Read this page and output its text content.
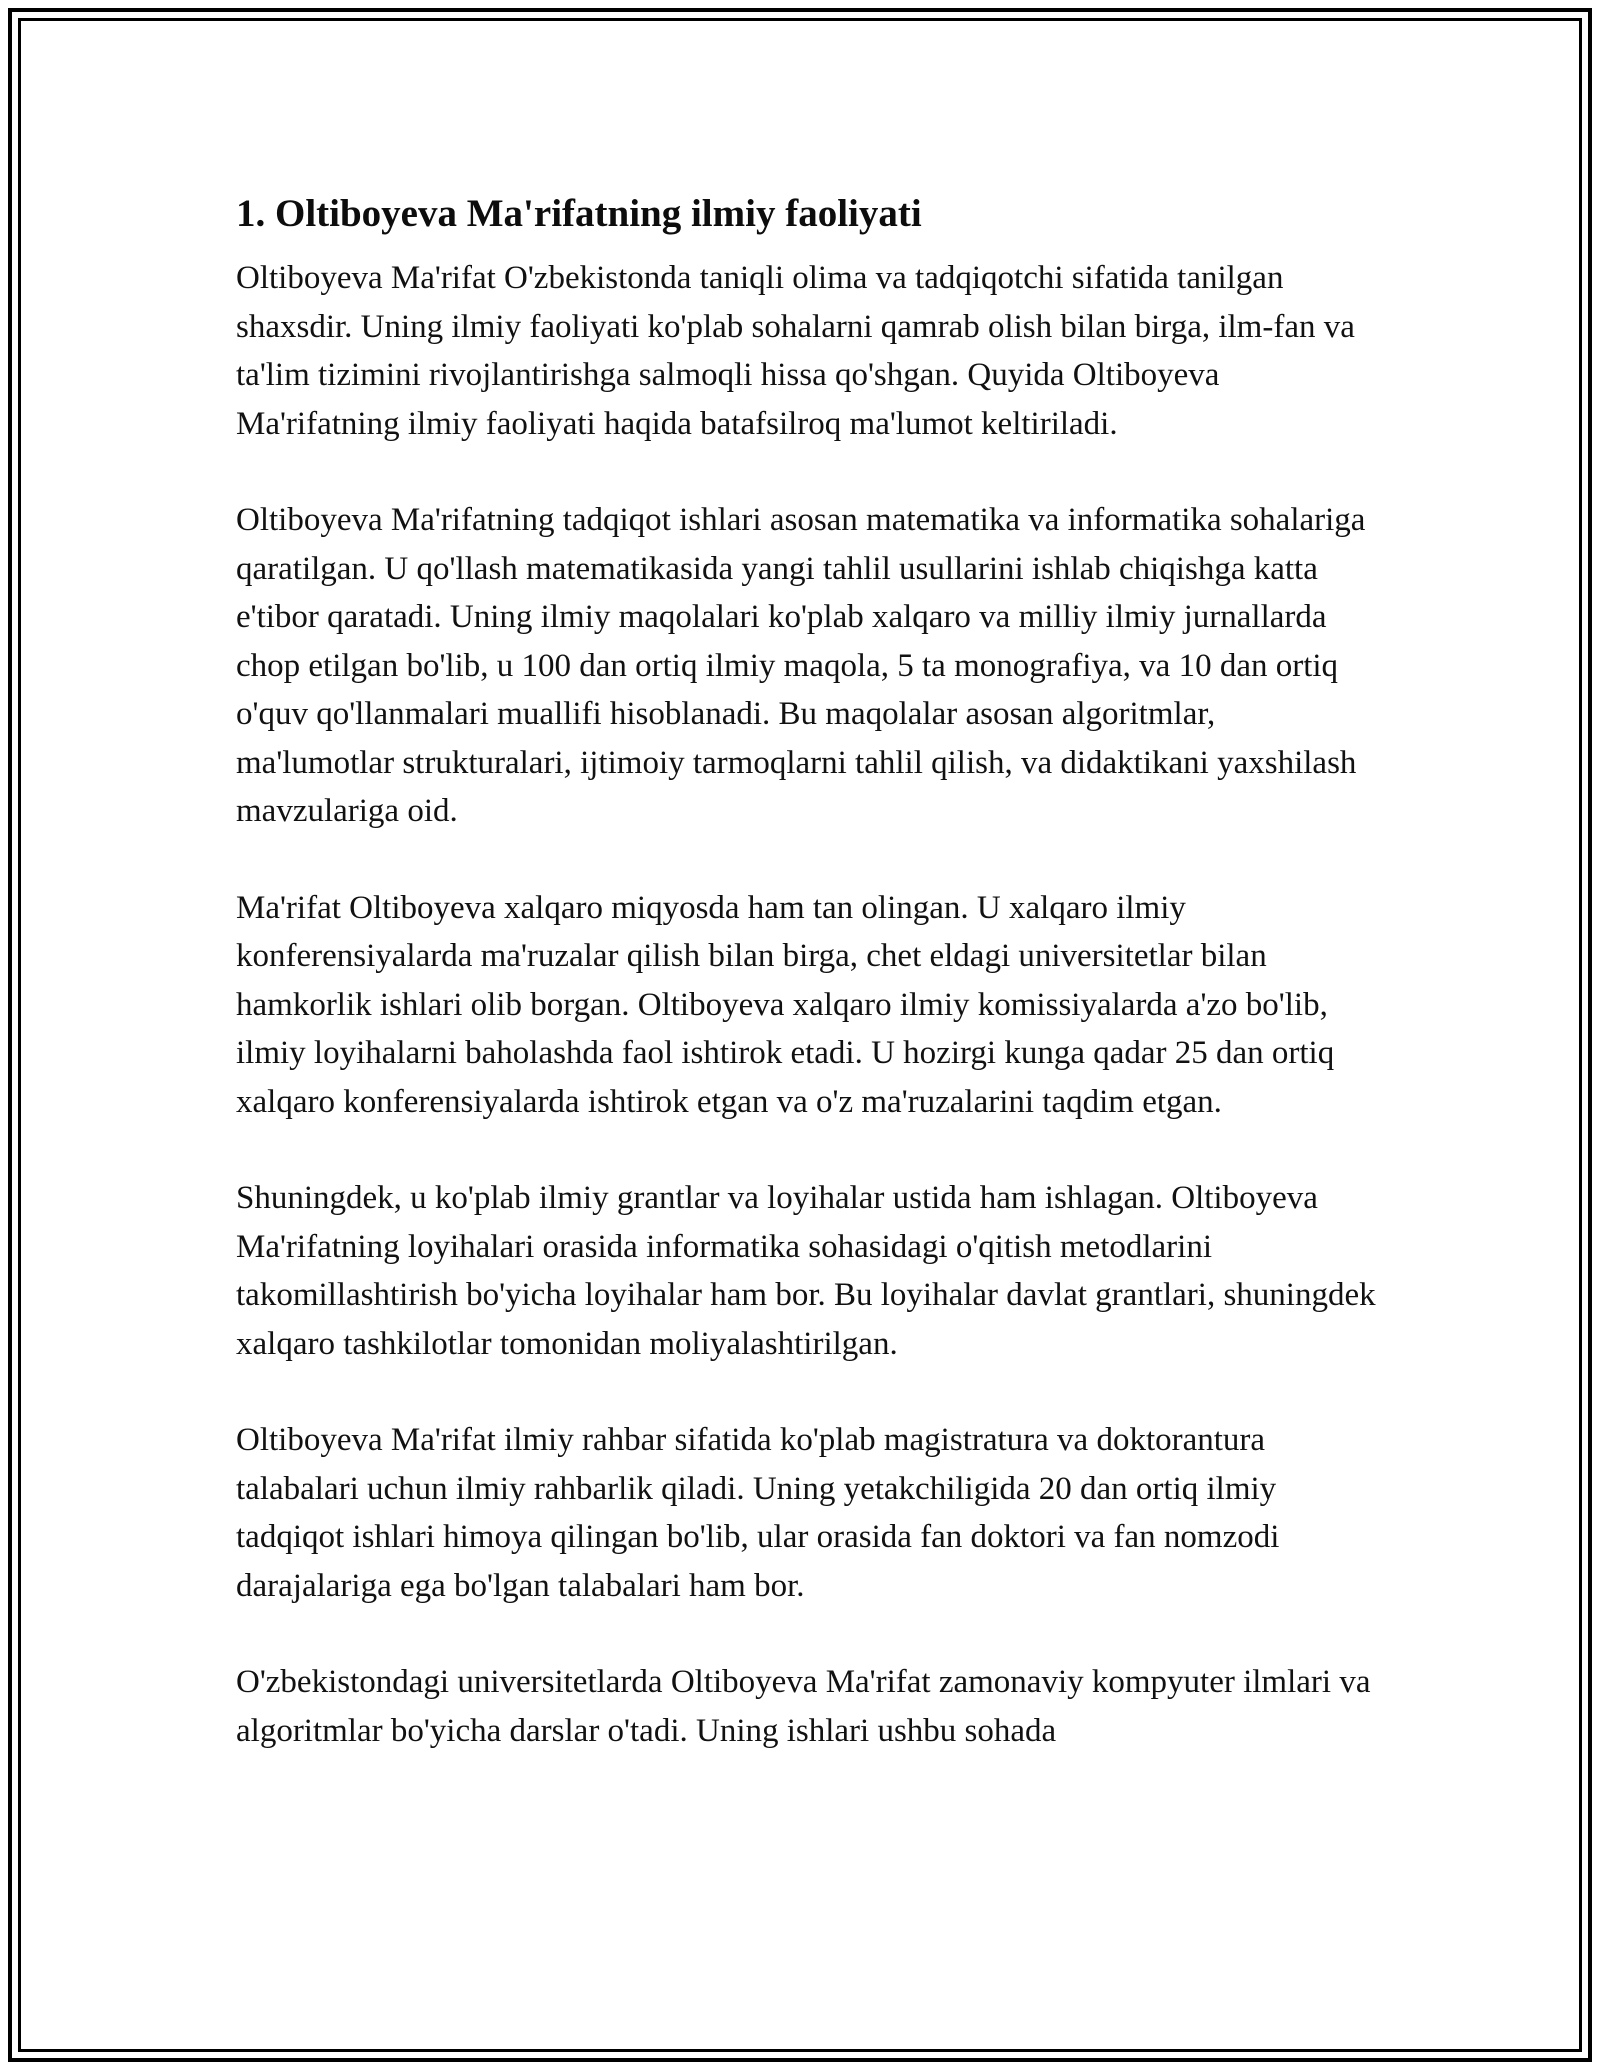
1. Oltiboyeva Ma'rifatning ilmiy faoliyati

Oltiboyeva Ma'rifat O'zbekistonda taniqli olima va tadqiqotchi sifatida tanilgan shaxsdir. Uning ilmiy faoliyati ko'plab sohalarni qamrab olish bilan birga, ilm-fan va ta'lim tizimini rivojlantirishga salmoqli hissa qo'shgan. Quyida Oltiboyeva Ma'rifatning ilmiy faoliyati haqida batafsilroq ma'lumot keltiriladi.

Oltiboyeva Ma'rifatning tadqiqot ishlari asosan matematika va informatika sohalariga qaratilgan. U qo'llash matematikasida yangi tahlil usullarini ishlab chiqishga katta e'tibor qaratadi. Uning ilmiy maqolalari ko'plab xalqaro va milliy ilmiy jurnallarda chop etilgan bo'lib, u 100 dan ortiq ilmiy maqola, 5 ta monografiya, va 10 dan ortiq o'quv qo'llanmalari muallifi hisoblanadi. Bu maqolalar asosan algoritmlar, ma'lumotlar strukturalari, ijtimoiy tarmoqlarni tahlil qilish, va didaktikani yaxshilash mavzulariga oid.

Ma'rifat Oltiboyeva xalqaro miqyosda ham tan olingan. U xalqaro ilmiy konferensiyalarda ma'ruzalar qilish bilan birga, chet eldagi universitetlar bilan hamkorlik ishlari olib borgan. Oltiboyeva xalqaro ilmiy komissiyalarda a'zo bo'lib, ilmiy loyihalarni baholashda faol ishtirok etadi. U hozirgi kunga qadar 25 dan ortiq xalqaro konferensiyalarda ishtirok etgan va o'z ma'ruzalarini taqdim etgan.

Shuningdek, u ko'plab ilmiy grantlar va loyihalar ustida ham ishlagan. Oltiboyeva Ma'rifatning loyihalari orasida informatika sohasidagi o'qitish metodlarini takomillashtirish bo'yicha loyihalar ham bor. Bu loyihalar davlat grantlari, shuningdek xalqaro tashkilotlar tomonidan moliyalashtirilgan.

Oltiboyeva Ma'rifat ilmiy rahbar sifatida ko'plab magistratura va doktorantura talabalari uchun ilmiy rahbarlik qiladi. Uning yetakchiligida 20 dan ortiq ilmiy tadqiqot ishlari himoya qilingan bo'lib, ular orasida fan doktori va fan nomzodi darajalariga ega bo'lgan talabalari ham bor.

O'zbekistondagi universitetlarda Oltiboyeva Ma'rifat zamonaviy kompyuter ilmlari va algoritmlar bo'yicha darslar o'tadi. Uning ishlari ushbu sohada
